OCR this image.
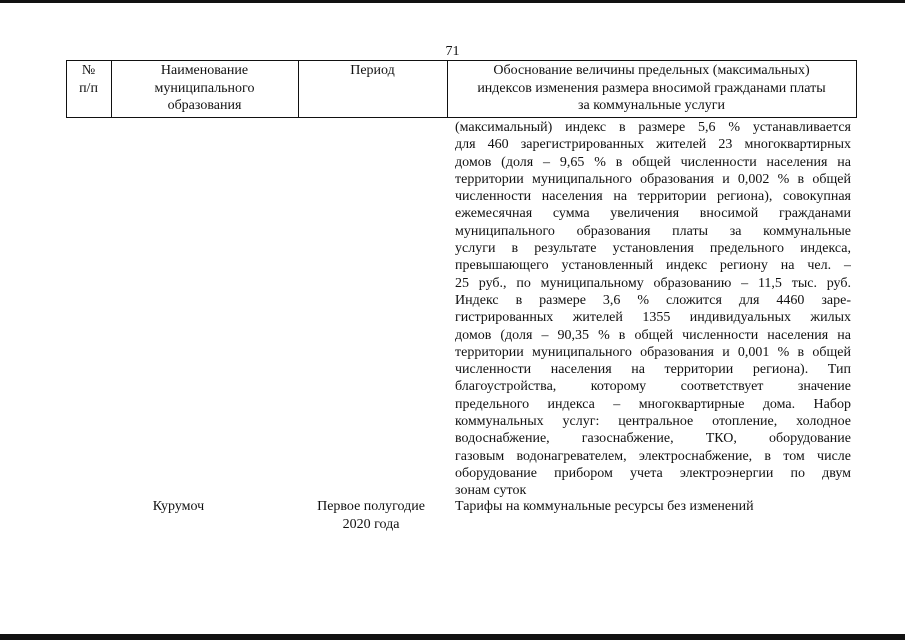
71
№
п/п
Наименование
муниципального
образования
Период	Обоснование величины предельных (максимальных)
индексов изменения размера вносимой гражданами платы
за коммунальные услуги
(максимальный) индекс в размере 5,6 % устанавливается
для 460 зарегистрированных жителей 23 многоквартирных
домов (доля – 9,65 % в общей численности населения на
территории муниципального образования и 0,002 % в общей
численности населения на территории региона), совокупная
ежемесячная сумма увеличения вносимой гражданами
муниципального образования платы за коммунальные
услуги в результате установления предельного индекса,
превышающего установленный индекс региону на чел. –
25 руб., по муниципальному образованию – 11,5 тыс. руб.
Индекс в размере 3,6 % сложится для 4460 заре-
гистрированных жителей 1355 индивидуальных жилых
домов (доля – 90,35 % в общей численности населения на
территории муниципального образования и 0,001 % в общей
численности населения на территории региона). Тип
благоустройства, которому соответствует значение
предельного индекса – многоквартирные дома. Набор
коммунальных услуг: центральное отопление, холодное
водоснабжение, газоснабжение, ТКО, оборудование
газовым водонагревателем, электроснабжение, в том числе
оборудование прибором учета электроэнергии по двум
зонам суток
Курумоч	Первое полугодие
2020 года
Тарифы на коммунальные ресурсы без изменений
